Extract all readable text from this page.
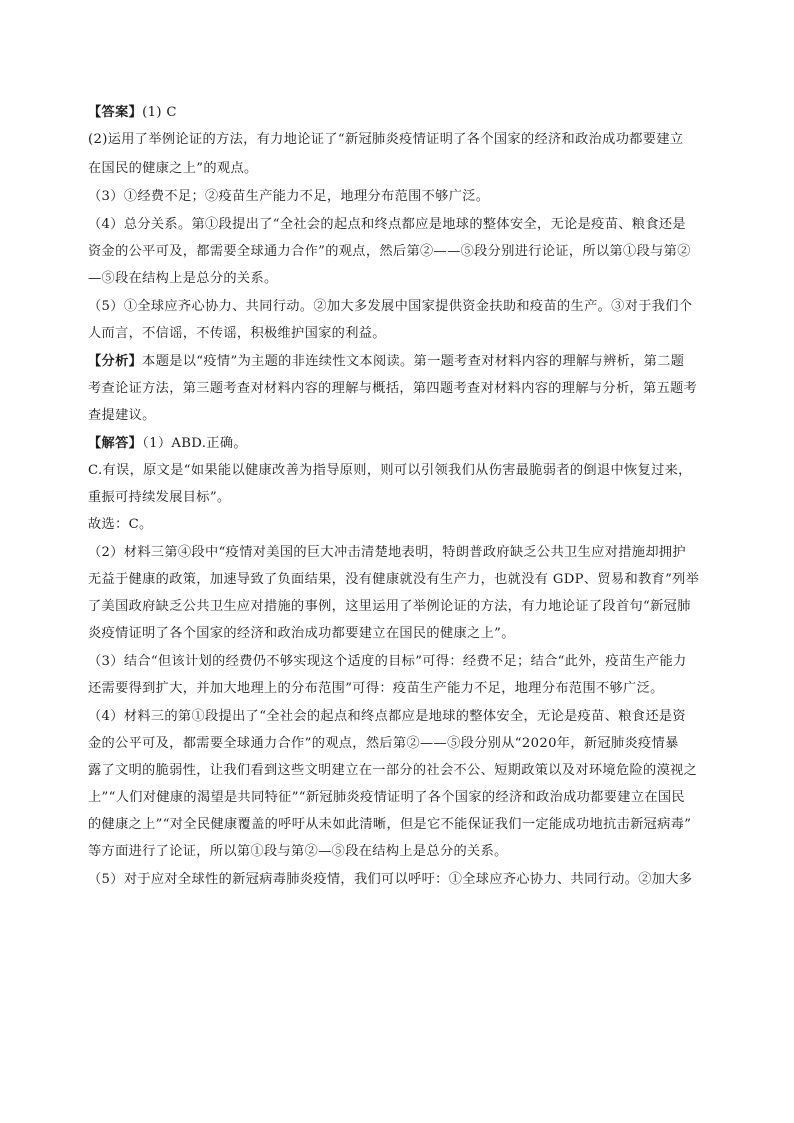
【答案】(1) C
(2)运用了举例论证的方法，有力地论证了“新冠肺炎疫情证明了各个国家的经济和政治成功都要建立
在国民的健康之上”的观点。
（3）①经费不足；②疫苗生产能力不足，地理分布范围不够广泛。
（4）总分关系。第①段提出了“全社会的起点和终点都应是地球的整体安全，无论是疫苗、粮食还是
资金的公平可及，都需要全球通力合作”的观点，然后第②——⑤段分别进行论证，所以第①段与第②
—⑤段在结构上是总分的关系。
（5）①全球应齐心协力、共同行动。②加大多发展中国家提供资金扶助和疫苗的生产。③对于我们个
人而言，不信谣，不传谣，积极维护国家的利益。
【分析】本题是以“疫情”为主题的非连续性文本阅读。第一题考查对材料内容的理解与辨析，第二题
考查论证方法，第三题考查对材料内容的理解与概括，第四题考查对材料内容的理解与分析，第五题考
查提建议。
【解答】（1）ABD.正确。
C.有误，原文是“如果能以健康改善为指导原则，则可以引领我们从伤害最脆弱者的倒退中恢复过来，
重振可持续发展目标”。
故选：C。
（2）材料三第④段中“疫情对美国的巨大冲击清楚地表明，特朗普政府缺乏公共卫生应对措施却拥护
无益于健康的政策，加速导致了负面结果，没有健康就没有生产力，也就没有 GDP、贸易和教育”列举
了美国政府缺乏公共卫生应对措施的事例，这里运用了举例论证的方法，有力地论证了段首句“新冠肺
炎疫情证明了各个国家的经济和政治成功都要建立在国民的健康之上”。
（3）结合“但该计划的经费仍不够实现这个适度的目标”可得：经费不足；结合“此外，疫苗生产能力
还需要得到扩大，并加大地理上的分布范围”可得：疫苗生产能力不足，地理分布范围不够广泛。
（4）材料三的第①段提出了“全社会的起点和终点都应是地球的整体安全，无论是疫苗、粮食还是资
金的公平可及，都需要全球通力合作”的观点，然后第②——⑤段分别从“2020年，新冠肺炎疫情暴
露了文明的脆弱性，让我们看到这些文明建立在一部分的社会不公、短期政策以及对环境危险的漠视之
上”“人们对健康的渴望是共同特征”“新冠肺炎疫情证明了各个国家的经济和政治成功都要建立在国民
的健康之上”“对全民健康覆盖的呼吁从未如此清晰，但是它不能保证我们一定能成功地抗击新冠病毒”
等方面进行了论证，所以第①段与第②—⑤段在结构上是总分的关系。
（5）对于应对全球性的新冠病毒肺炎疫情，我们可以呼吁：①全球应齐心协力、共同行动。②加大多
